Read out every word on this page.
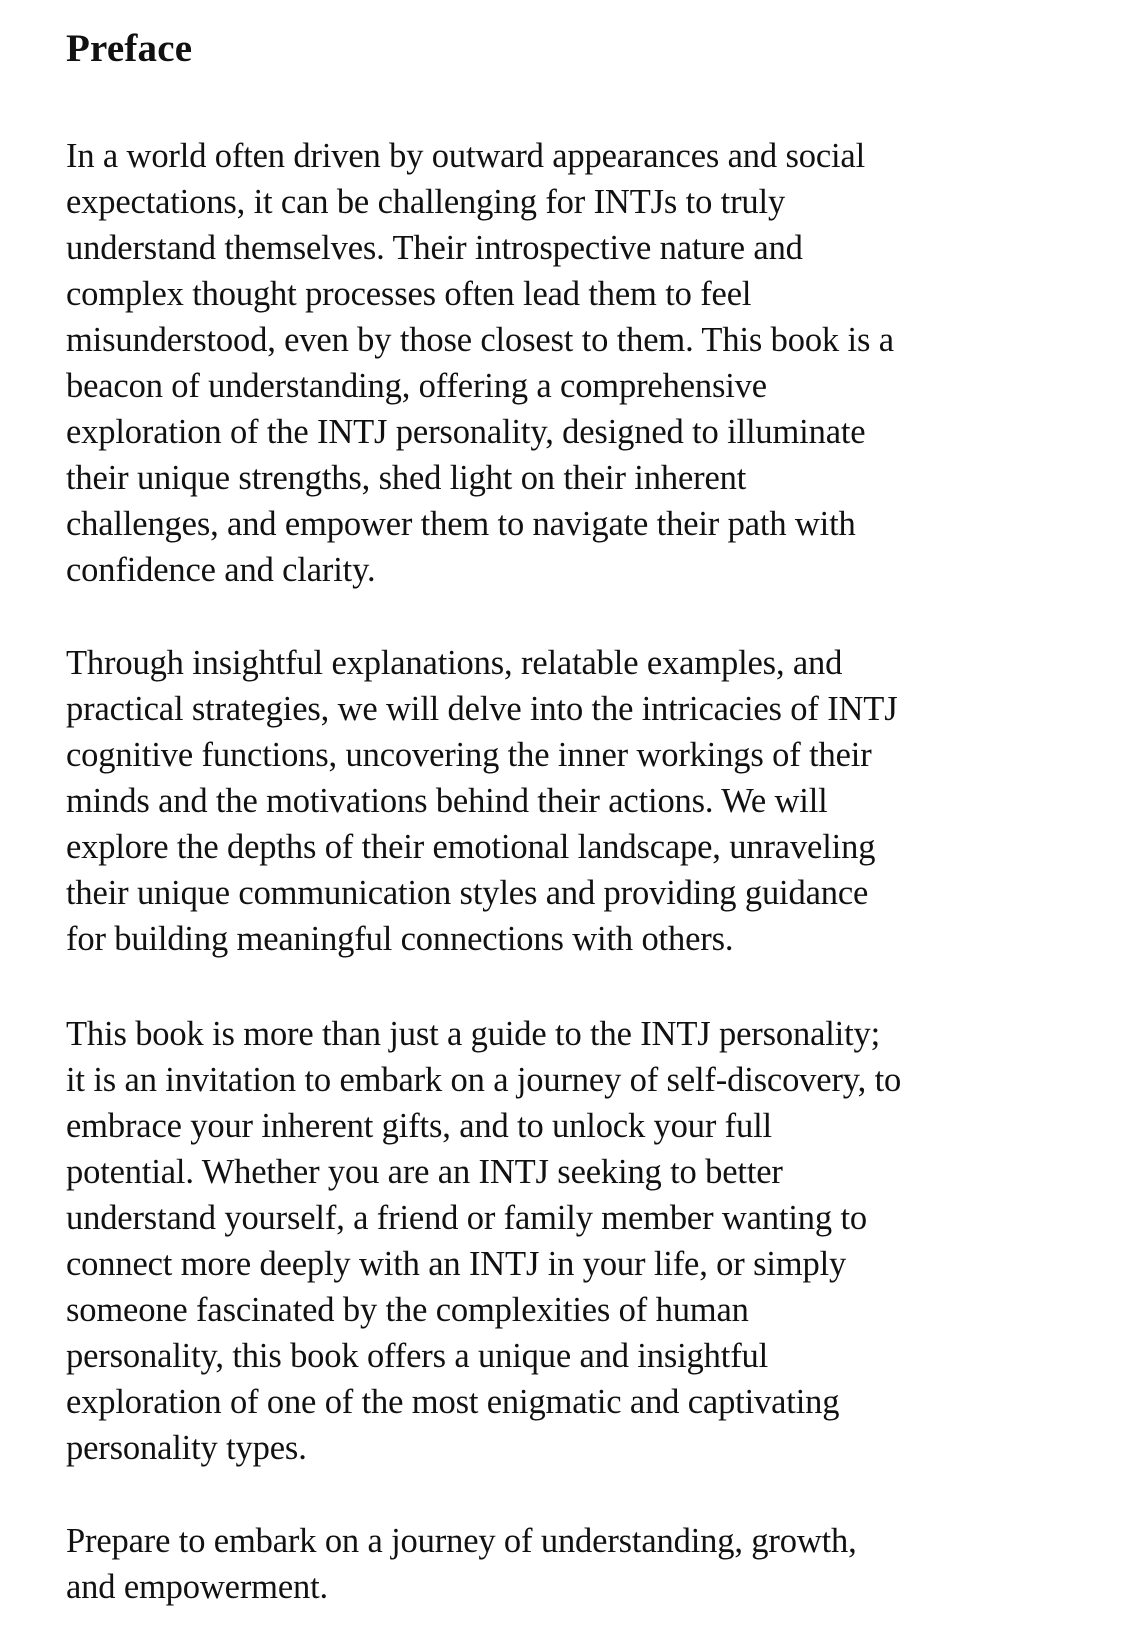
Preface

In a world often driven by outward appearances and social
expectations, it can be challenging for INTJs to truly
understand themselves. Their introspective nature and
complex thought processes often lead them to feel
misunderstood, even by those closest to them. This book is a
beacon of understanding, offering a comprehensive
exploration of the INTJ personality, designed to illuminate
their unique strengths, shed light on their inherent
challenges, and empower them to navigate their path with
confidence and clarity.

Through insightful explanations, relatable examples, and
practical strategies, we will delve into the intricacies of INTJ
cognitive functions, uncovering the inner workings of their
minds and the motivations behind their actions. We will
explore the depths of their emotional landscape, unraveling
their unique communication styles and providing guidance
for building meaningful connections with others.

This book is more than just a guide to the INTJ personality;
it is an invitation to embark on a journey of self-discovery, to
embrace your inherent gifts, and to unlock your full
potential. Whether you are an INTJ seeking to better
understand yourself, a friend or family member wanting to
connect more deeply with an INTJ in your life, or simply
someone fascinated by the complexities of human
personality, this book offers a unique and insightful
exploration of one of the most enigmatic and captivating
personality types.

Prepare to embark on a journey of understanding, growth,
and empowerment.
